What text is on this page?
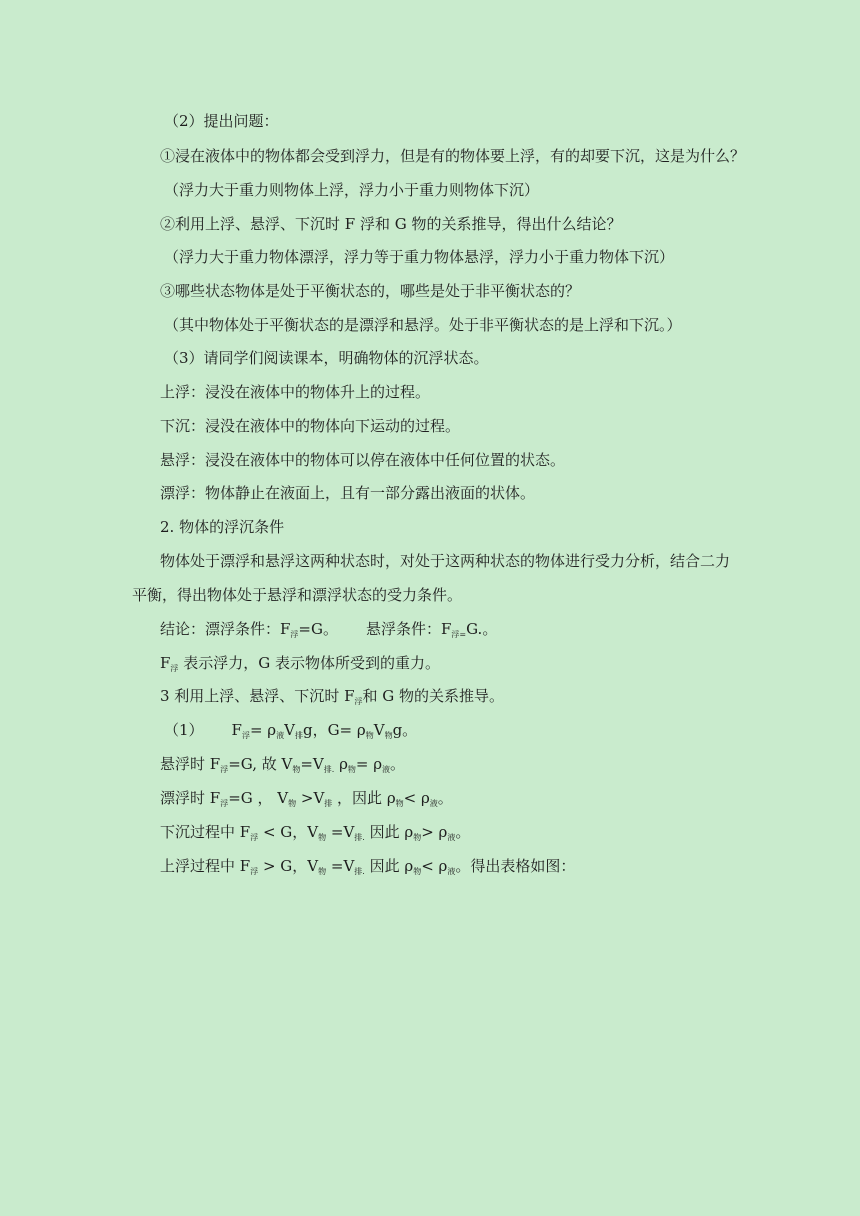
（2）提出问题：
①浸在液体中的物体都会受到浮力，但是有的物体要上浮，有的却要下沉，这是为什么？
（浮力大于重力则物体上浮，浮力小于重力则物体下沉）
②利用上浮、悬浮、下沉时 F 浮和 G 物的关系推导，得出什么结论？
（浮力大于重力物体漂浮，浮力等于重力物体悬浮，浮力小于重力物体下沉）
③哪些状态物体是处于平衡状态的，哪些是处于非平衡状态的？
（其中物体处于平衡状态的是漂浮和悬浮。处于非平衡状态的是上浮和下沉。）
（3）请同学们阅读课本，明确物体的沉浮状态。
上浮：浸没在液体中的物体升上的过程。
下沉：浸没在液体中的物体向下运动的过程。
悬浮：浸没在液体中的物体可以停在液体中任何位置的状态。
漂浮：物体静止在液面上，且有一部分露出液面的状体。
2. 物体的浮沉条件
物体处于漂浮和悬浮这两种状态时，对处于这两种状态的物体进行受力分析，结合二力
平衡，得出物体处于悬浮和漂浮状态的受力条件。
结论：漂浮条件：$F_浮=G$。 悬浮条件：$F_{浮=}G$.。
$F_浮$ 表示浮力，G 表示物体所受到的重力。
3 利用上浮、悬浮、下沉时 $F_浮$和 G 物的关系推导。
（1） $F_浮= \rho_液V_排g$，$G= \rho_物V_物g$。
悬浮时 $F_浮=G$, 故 $V_物=V_{排.}$ $\rho_物= \rho_液$。
漂浮时 $F_浮=G$ ， $V_物 >V_排$ ，因此 $\rho_物< \rho_液$。
下沉过程中 $F_浮 < G$，$V_物 =V_{排.}$ 因此 $\rho_物> \rho_液$。
上浮过程中 $F_浮 > G$，$V_物 =V_{排.}$ 因此 $\rho_物< \rho_液$。得出表格如图：
